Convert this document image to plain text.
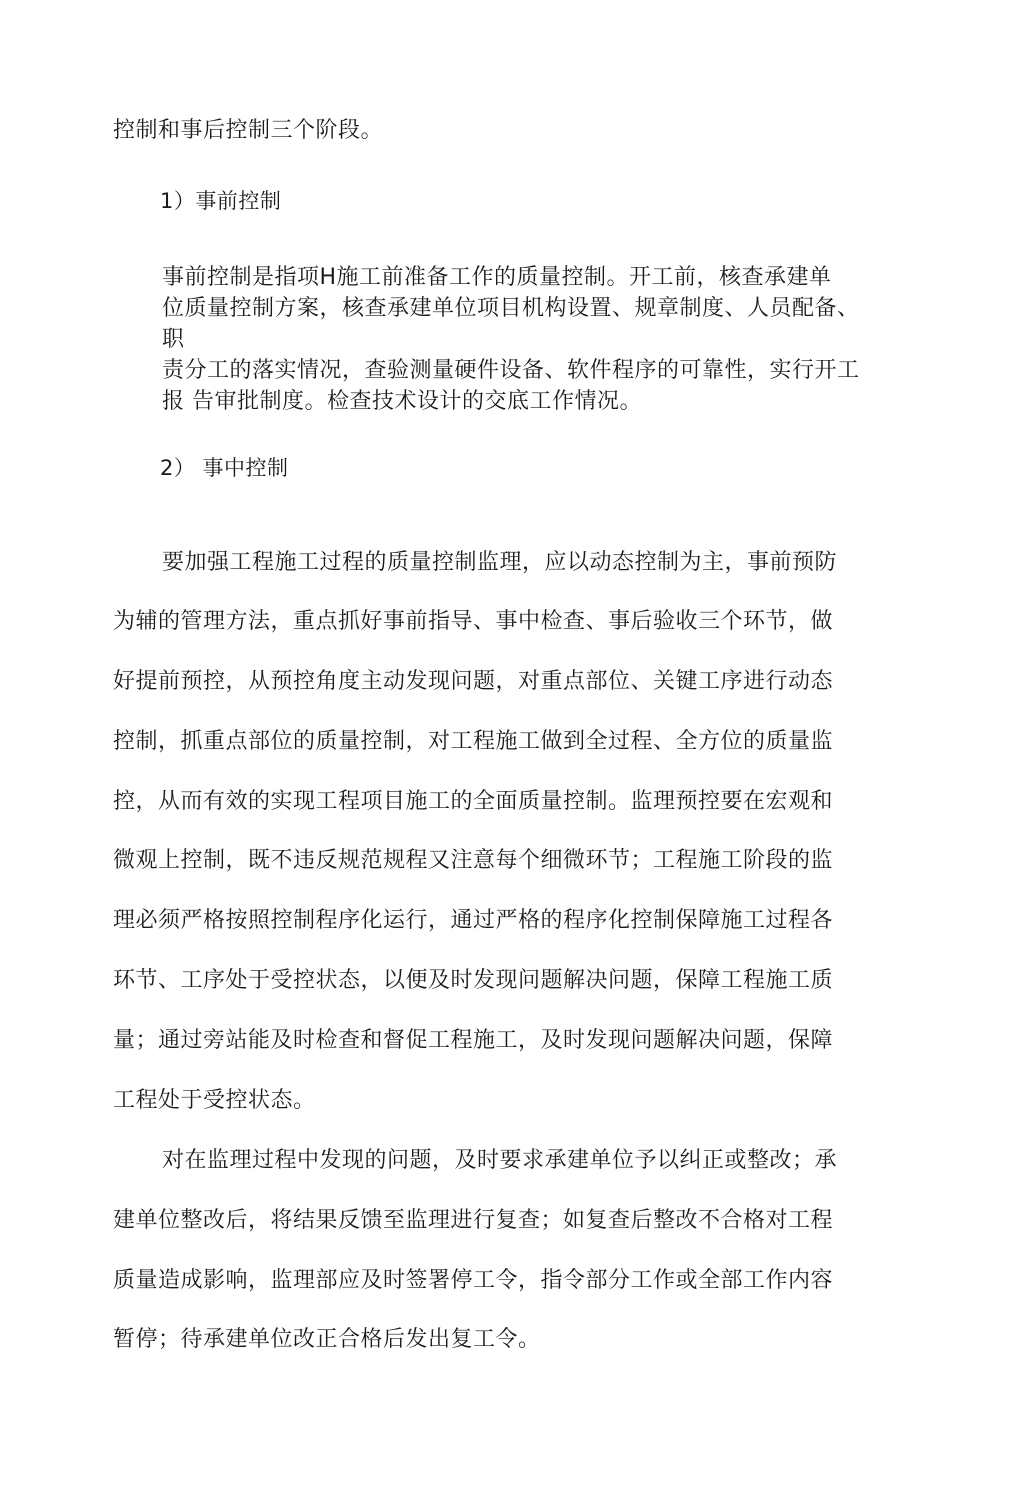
控制和事后控制三个阶段。
1）事前控制
事前控制是指项H施工前准备工作的质量控制。开工前，核查承建单
位质量控制方案，核查承建单位项目机构设置、规章制度、人员配备、
职
责分工的落实情况，查验测量硬件设备、软件程序的可靠性，实行开工
报 告审批制度。检查技术设计的交底工作情况。
2） 事中控制
要加强工程施工过程的质量控制监理，应以动态控制为主，事前预防
为辅的管理方法，重点抓好事前指导、事中检查、事后验收三个环节，做
好提前预控，从预控角度主动发现问题，对重点部位、关键工序进行动态
控制，抓重点部位的质量控制，对工程施工做到全过程、全方位的质量监
控，从而有效的实现工程项目施工的全面质量控制。监理预控要在宏观和
微观上控制，既不违反规范规程又注意每个细微环节；工程施工阶段的监
理必须严格按照控制程序化运行，通过严格的程序化控制保障施工过程各
环节、工序处于受控状态，以便及时发现问题解决问题，保障工程施工质
量；通过旁站能及时检查和督促工程施工，及时发现问题解决问题，保障
工程处于受控状态。
对在监理过程中发现的问题，及时要求承建单位予以纠正或整改；承
建单位整改后，将结果反馈至监理进行复查；如复查后整改不合格对工程
质量造成影响，监理部应及时签署停工令，指令部分工作或全部工作内容
暂停；待承建单位改正合格后发出复工令。
